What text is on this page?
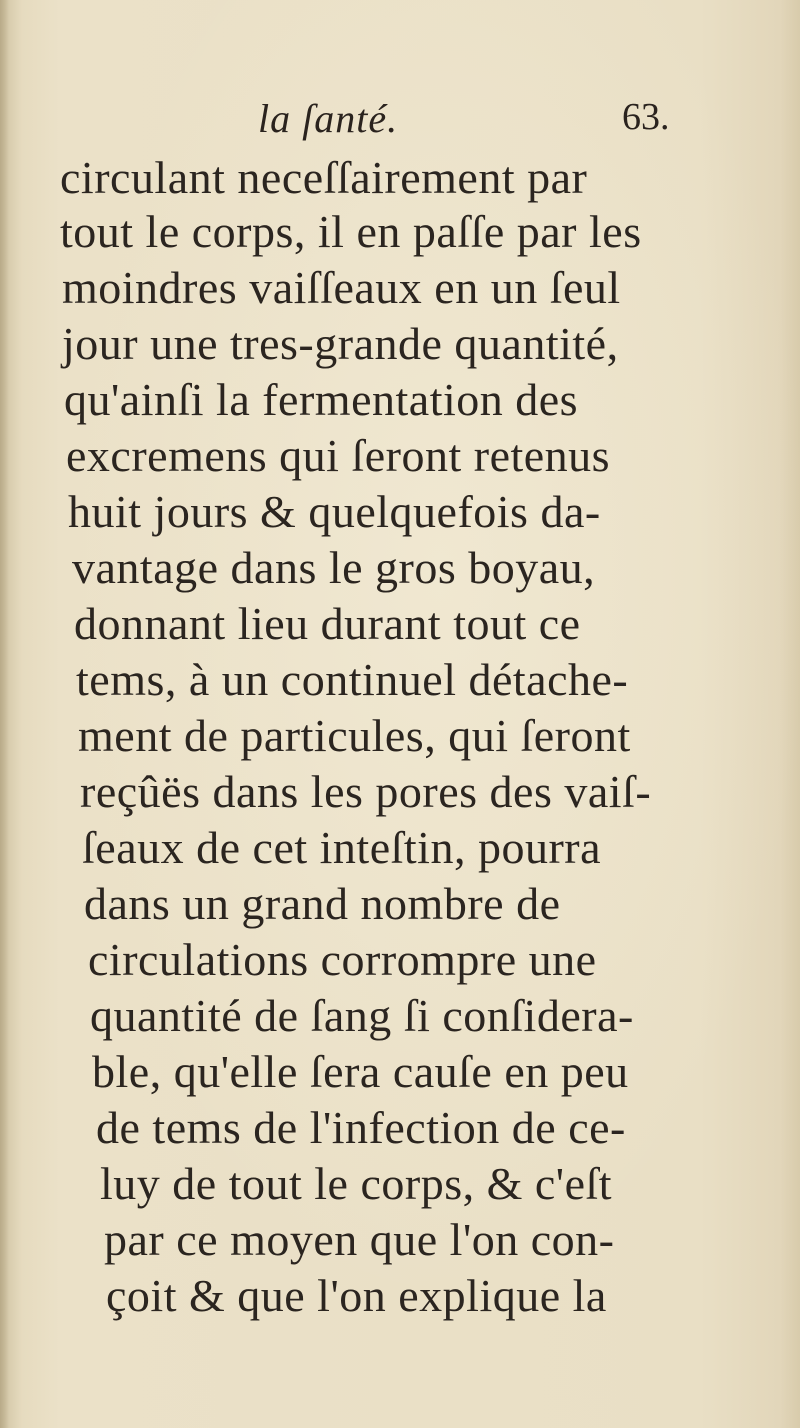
la ſanté.	63.
circulant neceſſairement par
tout le corps, il en paſſe par les
moindres vaiſſeaux en un ſeul
jour une tres-grande quantité,
qu'ainſi la fermentation des
excremens qui ſeront retenus
huit jours & quelquefois da-
vantage dans le gros boyau,
donnant lieu durant tout ce
tems, à un continuel détache-
ment de particules, qui ſeront
reçûës dans les pores des vaiſ-
ſeaux de cet inteſtin, pourra
dans un grand nombre de
circulations corrompre une
quantité de ſang ſi conſidera-
ble, qu'elle ſera cauſe en peu
de tems de l'infection de ce-
luy de tout le corps, & c'eſt
par ce moyen que l'on con-
çoit & que l'on explique la
